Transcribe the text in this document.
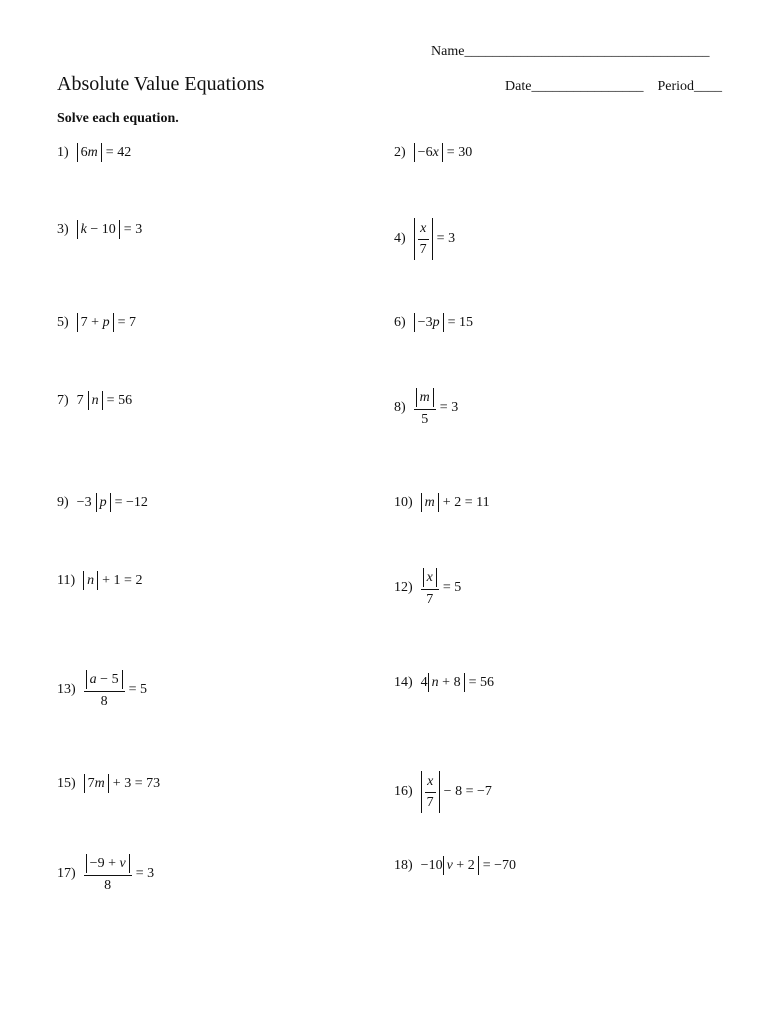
Name___________________________________
Absolute Value Equations	Date________________ Period____
Solve each equation.
1) 6m = 42	2) −6x = 30
3) k − 10 = 3
$4) \frac{x}{7} = 3$
5) 7 + p = 7	6) −3p = 15
7) 7 n = 56	$8) \frac{m}{5} = 3$
9) −3 p = −12	10) m + 2 = 11
11) n + 1 = 2	$12) \frac{x}{7} = 5$
$13) \frac{a - 5}{8} = 5$	14) 4 n + 8 = 56
15) 7m + 3 = 73
$16) \frac{x}{7} - 8 = -7$
$17) \frac{-9 + v}{8} = 3$
18) −10 v + 2 = −70
